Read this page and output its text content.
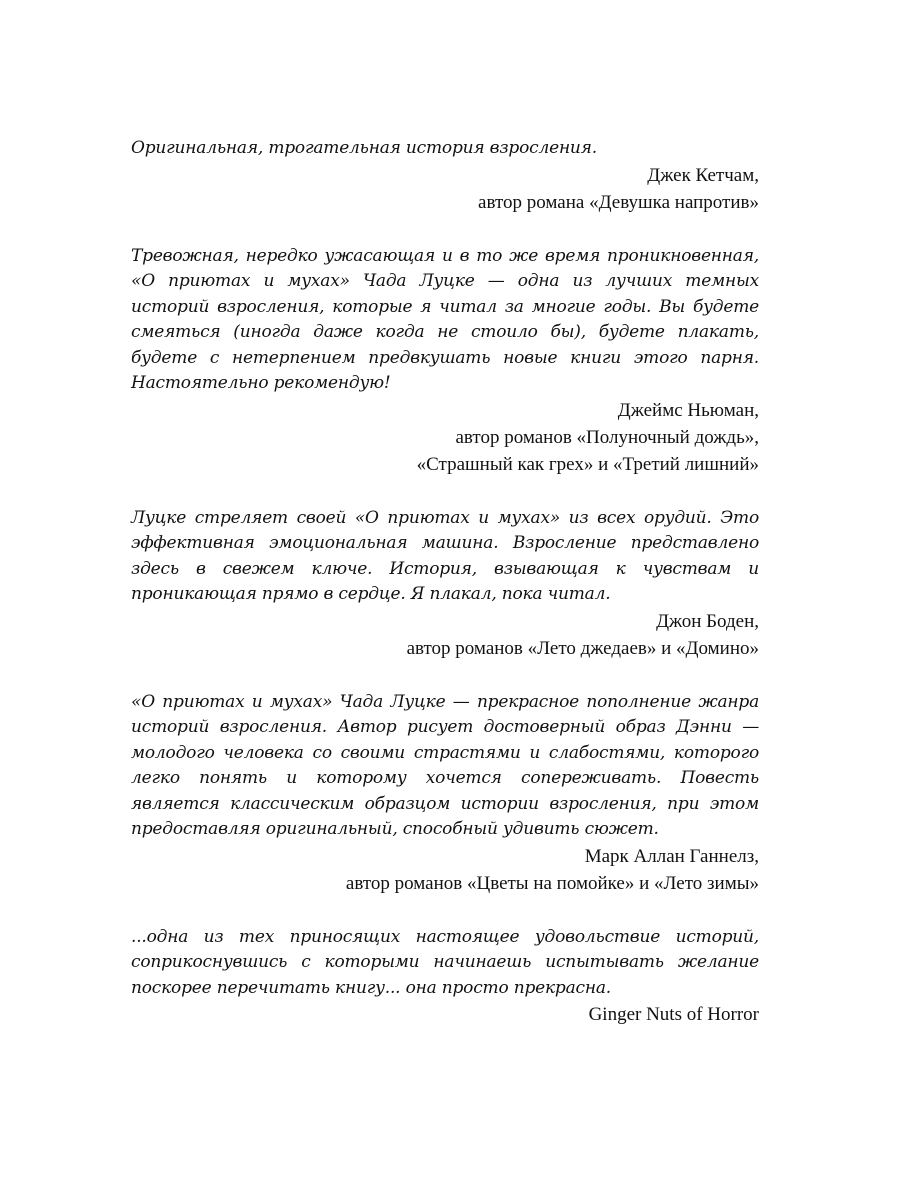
Оригинальная, трогательная история взросления.

Джек Кетчам,
автор романа «Девушка напротив»

Тревожная, нередко ужасающая и в то же время проникновенная, «О приютах и мухах» Чада Луцке — одна из лучших темных историй взросления, которые я читал за многие годы. Вы будете смеяться (иногда даже когда не стоило бы), будете плакать, будете с нетерпением предвкушать новые книги этого парня. Настоятельно рекомендую!

Джеймс Ньюман,
автор романов «Полуночный дождь»,
«Страшный как грех» и «Третий лишний»

Луцке стреляет своей «О приютах и мухах» из всех орудий. Это эффективная эмоциональная машина. Взросление представлено здесь в свежем ключе. История, взывающая к чувствам и проникающая прямо в сердце. Я плакал, пока читал.

Джон Боден,
автор романов «Лето джедаев» и «Домино»

«О приютах и мухах» Чада Луцке — прекрасное пополнение жанра историй взросления. Автор рисует достоверный образ Дэнни — молодого человека со своими страстями и слабостями, которого легко понять и которому хочется сопереживать. Повесть является классическим образцом истории взросления, при этом предоставляя оригинальный, способный удивить сюжет.

Марк Аллан Ганнелз,
автор романов «Цветы на помойке» и «Лето зимы»

...одна из тех приносящих настоящее удовольствие историй, соприкоснувшись с которыми начинаешь испытывать желание поскорее перечитать книгу... она просто прекрасна.

Ginger Nuts of Horror
